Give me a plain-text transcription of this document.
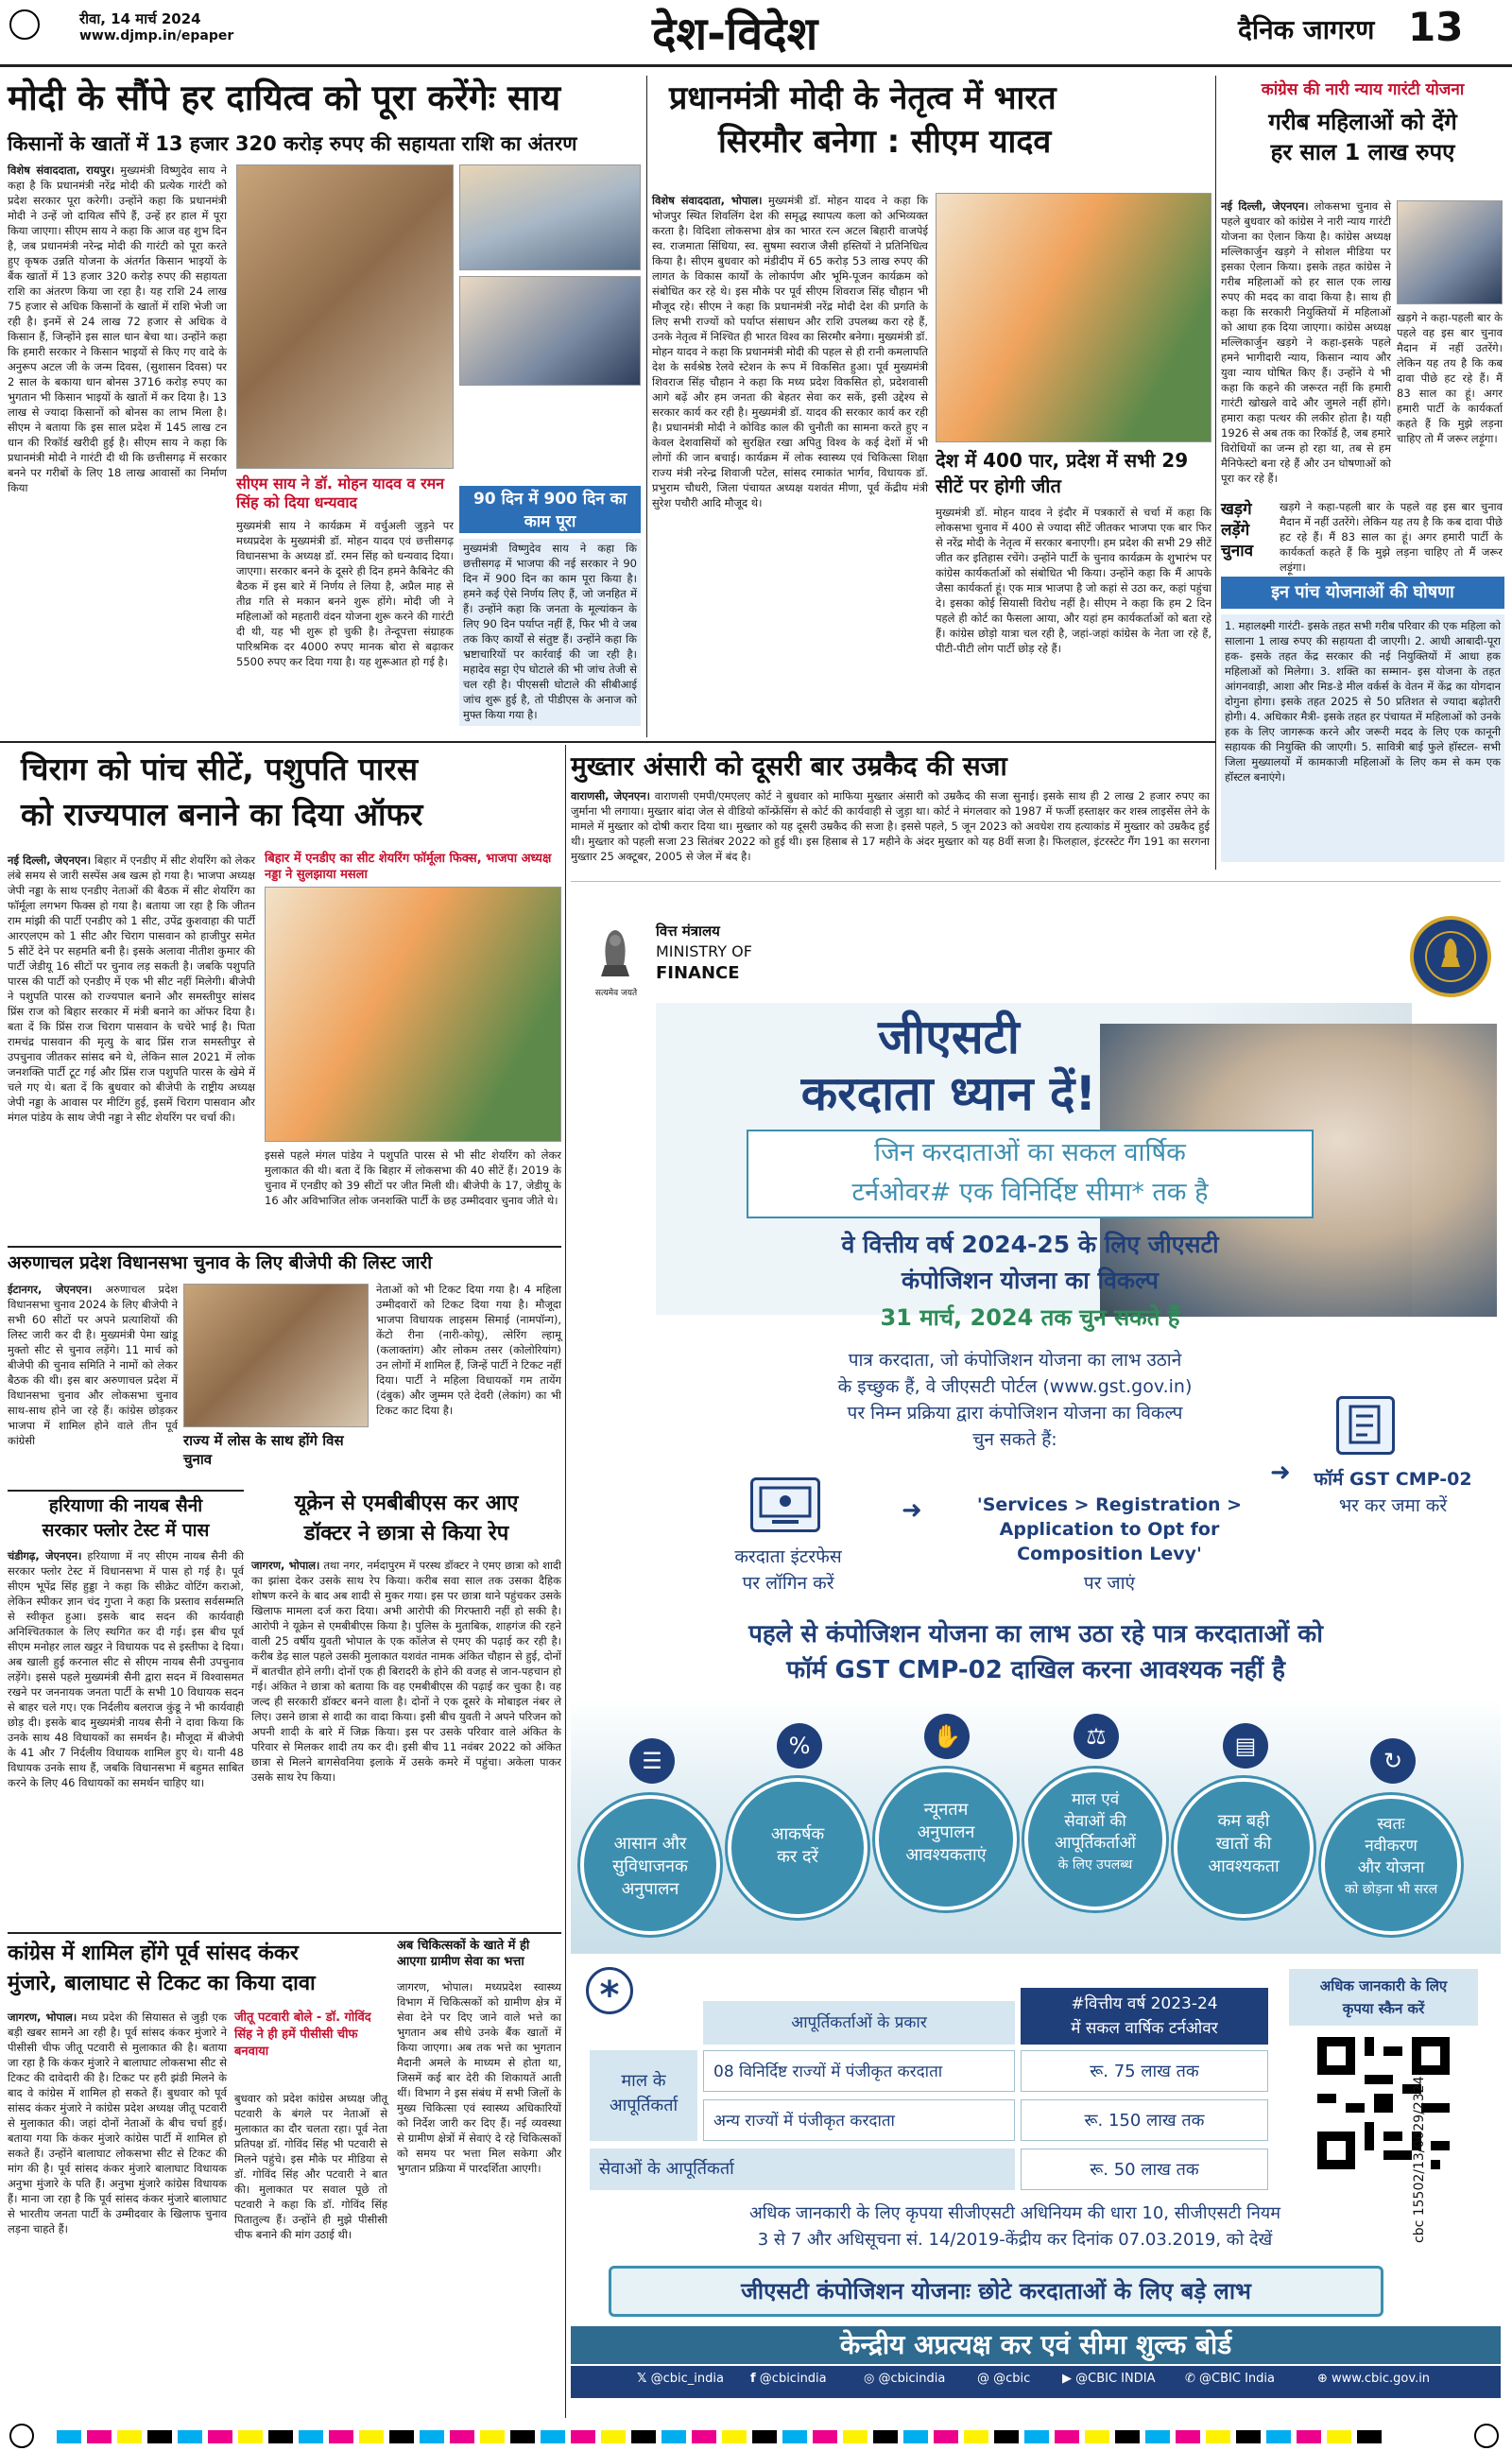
रीवा, 14 मार्च 2024
www.djmp.in/epaper	देश-विदेश	दैनिक जागरण 13
मोदी के सौंपे हर दायित्व को पूरा करेंगेः साय
किसानों के खातों में 13 हजार 320 करोड़ रुपए की सहायता राशि का अंतरण
विशेष संवाददाता, रायपुर। मुख्यमंत्री विष्णुदेव साय ने कहा है कि प्रधानमंत्री नरेंद्र मोदी की प्रत्येक गारंटी को प्रदेश सरकार पूरा करेगी। उन्होंने कहा कि प्रधानमंत्री मोदी ने उन्हें जो दायित्व सौंपे हैं, उन्हें हर हाल में पूरा किया जाएगा। सीएम साय ने कहा कि आज वह शुभ दिन है, जब प्रधानमंत्री नरेन्द्र मोदी की गारंटी को पूरा करते हुए कृषक उन्नति योजना के अंतर्गत किसान भाइयों के बैंक खातों में 13 हजार 320 करोड़ रुपए की सहायता राशि का अंतरण किया जा रहा है। यह राशि 24 लाख 75 हजार से अधिक किसानों के खातों में राशि भेजी जा रही है। इनमें से 24 लाख 72 हजार से अधिक वे किसान हैं, जिन्होंने इस साल धान बेचा था। उन्होंने कहा कि हमारी सरकार ने किसान भाइयों से किए गए वादे के अनुरूप अटल जी के जन्म दिवस, (सुशासन दिवस) पर 2 साल के बकाया धान बोनस 3716 करोड़ रुपए का भुगतान भी किसान भाइयों के खातों में कर दिया है। 13 लाख से ज्यादा किसानों को बोनस का लाभ मिला है। सीएम ने बताया कि इस साल प्रदेश में 145 लाख टन धान की रिकॉर्ड खरीदी हुई है। सीएम साय ने कहा कि प्रधानमंत्री मोदी ने गारंटी दी थी कि छत्तीसगढ़ में सरकार बनने पर गरीबों के लिए 18 लाख आवासों का निर्माण किया	सीएम साय ने डॉ. मोहन यादव व रमन सिंह को दिया धन्यवाद
मुख्यमंत्री साय ने कार्यक्रम में वर्चुअली जुड़ने पर मध्यप्रदेश के मुख्यमंत्री डॉ. मोहन यादव एवं छत्तीसगढ़ विधानसभा के अध्यक्ष डॉ. रमन सिंह को धन्यवाद दिया। जाएगा। सरकार बनने के दूसरे ही दिन हमने कैबिनेट की बैठक में इस बारे में निर्णय ले लिया है, अप्रैल माह से तीव्र गति से मकान बनने शुरू होंगे। मोदी जी ने महिलाओं को महतारी वंदन योजना शुरू करने की गारंटी दी थी, यह भी शुरू हो चुकी है। तेन्दूपत्ता संग्राहक पारिश्रमिक दर 4000 रुपए मानक बोरा से बढ़ाकर 5500 रुपए कर दिया गया है। यह शुरूआत हो गई है।
90 दिन में 900 दिन का काम पूरा
मुख्यमंत्री विष्णुदेव साय ने कहा कि छत्तीसगढ़ में भाजपा की नई सरकार ने 90 दिन में 900 दिन का काम पूरा किया है। हमने कई ऐसे निर्णय लिए हैं, जो जनहित में हैं। उन्होंने कहा कि जनता के मूल्यांकन के लिए 90 दिन पर्याप्त नहीं हैं, फिर भी वे जब तक किए कार्यों से संतुष्ट हैं। उन्होंने कहा कि भ्रष्टाचारियों पर कार्रवाई की जा रही है। महादेव सट्टा ऐप घोटाले की भी जांच तेजी से चल रही है। पीएससी घोटाले की सीबीआई जांच शुरू हुई है, तो पीडीएस के अनाज को मुफ्त किया गया है।
प्रधानमंत्री मोदी के नेतृत्व में भारत
सिरमौर बनेगा : सीएम यादव
विशेष संवाददाता, भोपाल। मुख्यमंत्री डॉ. मोहन यादव ने कहा कि भोजपुर स्थित शिवलिंग देश की समृद्ध स्थापत्य कला को अभिव्यक्त करता है। विदिशा लोकसभा क्षेत्र का भारत रत्न अटल बिहारी वाजपेई स्व. राजमाता सिंधिया, स्व. सुषमा स्वराज जैसी हस्तियों ने प्रतिनिधित्व किया है। सीएम बुधवार को मंडीदीप में 65 करोड़ 53 लाख रुपए की लागत के विकास कार्यों के लोकार्पण और भूमि-पूजन कार्यक्रम को संबोधित कर रहे थे। इस मौके पर पूर्व सीएम शिवराज सिंह चौहान भी मौजूद रहे। सीएम ने कहा कि प्रधानमंत्री नरेंद्र मोदी देश की प्रगति के लिए सभी राज्यों को पर्याप्त संसाधन और राशि उपलब्ध करा रहे हैं, उनके नेतृत्व में निश्चित ही भारत विश्व का सिरमौर बनेगा। मुख्यमंत्री डॉ. मोहन यादव ने कहा कि प्रधानमंत्री मोदी की पहल से ही रानी कमलापति देश के सर्वश्रेष्ठ रेलवे स्टेशन के रूप में विकसित हुआ। पूर्व मुख्यमंत्री शिवराज सिंह चौहान ने कहा कि मध्य प्रदेश विकसित हो, प्रदेशवासी आगे बढ़ें और हम जनता की बेहतर सेवा कर सकें, इसी उद्देश्य से सरकार कार्य कर रही है। मुख्यमंत्री डॉ. यादव की सरकार कार्य कर रही है। प्रधानमंत्री मोदी ने कोविड काल की चुनौती का सामना करते हुए न केवल देशवासियों को सुरक्षित रखा अपितु विश्व के कई देशों में भी लोगों की जान बचाई। कार्यक्रम में लोक स्वास्थ्य एवं चिकित्सा शिक्षा राज्य मंत्री नरेन्द्र शिवाजी पटेल, सांसद रमाकांत भार्गव, विधायक डॉ. प्रभुराम चौधरी, जिला पंचायत अध्यक्ष यशवंत मीणा, पूर्व केंद्रीय मंत्री सुरेश पचौरी आदि मौजूद थे।
देश में 400 पार, प्रदेश में सभी 29 सीटें पर होगी जीत
मुख्यमंत्री डॉ. मोहन यादव ने इंदौर में पत्रकारों से चर्चा में कहा कि लोकसभा चुनाव में 400 से ज्यादा सीटें जीतकर भाजपा एक बार फिर से नरेंद्र मोदी के नेतृत्व में सरकार बनाएगी। हम प्रदेश की सभी 29 सीटें जीत कर इतिहास रचेंगे। उन्होंने पार्टी के चुनाव कार्यक्रम के शुभारंभ पर कांग्रेस कार्यकर्ताओं को संबोधित भी किया। उन्होंने कहा कि मैं आपके जैसा कार्यकर्ता हूं। एक मात्र भाजपा है जो कहां से उठा कर, कहां पहुंचा दे। इसका कोई सियासी विरोध नहीं है। सीएम ने कहा कि हम 2 दिन पहले ही कोर्ट का फैसला आया, और यहां हम कार्यकर्ताओं को बता रहे हैं। कांग्रेस छोड़ो यात्रा चल रही है, जहां-जहां कांग्रेस के नेता जा रहे हैं, पीटी-पीटी लोग पार्टी छोड़ रहे हैं।
कांग्रेस की नारी न्याय गारंटी योजना
गरीब महिलाओं को देंगे
हर साल 1 लाख रुपए
नई दिल्ली, जेएनएन। लोकसभा चुनाव से पहले बुधवार को कांग्रेस ने नारी न्याय गारंटी योजना का ऐलान किया है। कांग्रेस अध्यक्ष मल्लिकार्जुन खड़गे ने सोशल मीडिया पर इसका ऐलान किया। इसके तहत कांग्रेस ने गरीब महिलाओं को हर साल एक लाख रुपए की मदद का वादा किया है। साथ ही कहा कि सरकारी नियुक्तियों में महिलाओं को आधा हक दिया जाएगा। कांग्रेस अध्यक्ष मल्लिकार्जुन खड़गे ने कहा-इसके पहले हमने भागीदारी न्याय, किसान न्याय और युवा न्याय घोषित किए हैं। उन्होंने ये भी कहा कि कहने की जरूरत नहीं कि हमारी गारंटी खोखले वादे और जुमले नहीं होंगे। हमारा कहा पत्थर की लकीर होता है। यही 1926 से अब तक का रिकॉर्ड है, जब हमारे विरोधियों का जन्म हो रहा था, तब से हम मैनिफेस्टो बना रहे हैं और उन घोषणाओं को पूरा कर रहे हैं।
खड़गे ने कहा-पहली बार के पहले वह इस बार चुनाव मैदान में नहीं उतरेंगे। लेकिन यह तय है कि कब दावा पीछे हट रहे हैं। मैं 83 साल का हूं। अगर हमारी पार्टी के कार्यकर्ता कहते हैं कि मुझे लड़ना चाहिए तो मैं जरूर लड़ूंगा।
खड़गे लड़ेंगे चुनाव
खड़गे ने कहा-पहली बार के पहले वह इस बार चुनाव मैदान में नहीं उतरेंगे। लेकिन यह तय है कि कब दावा पीछे हट रहे हैं। मैं 83 साल का हूं। अगर हमारी पार्टी के कार्यकर्ता कहते हैं कि मुझे लड़ना चाहिए तो मैं जरूर लड़ूंगा।
इन पांच योजनाओं की घोषणा
1. महालक्ष्मी गारंटी- इसके तहत सभी गरीब परिवार की एक महिला को सालाना 1 लाख रुपए की सहायता दी जाएगी। 2. आधी आबादी-पूरा हक- इसके तहत केंद्र सरकार की नई नियुक्तियों में आधा हक महिलाओं को मिलेगा। 3. शक्ति का सम्मान- इस योजना के तहत आंगनवाड़ी, आशा और मिड-डे मील वर्कर्स के वेतन में केंद्र का योगदान दोगुना होगा। इसके तहत 2025 से 50 प्रतिशत से ज्यादा बढ़ोतरी होगी। 4. अधिकार मैत्री- इसके तहत हर पंचायत में महिलाओं को उनके हक के लिए जागरूक करने और जरूरी मदद के लिए एक कानूनी सहायक की नियुक्ति की जाएगी। 5. सावित्री बाई फुले हॉस्टल- सभी जिला मुख्यालयों में कामकाजी महिलाओं के लिए कम से कम एक हॉस्टल बनाएंगे।
चिराग को पांच सीटें, पशुपति पारस
को राज्यपाल बनाने का दिया ऑफर
नई दिल्ली, जेएनएन। बिहार में एनडीए में सीट शेयरिंग को लेकर लंबे समय से जारी सस्पेंस अब खत्म हो गया है। भाजपा अध्यक्ष जेपी नड्डा के साथ एनडीए नेताओं की बैठक में सीट शेयरिंग का फॉर्मूला लगभग फिक्स हो गया है। बताया जा रहा है कि जीतन राम मांझी की पार्टी एनडीए को 1 सीट, उपेंद्र कुशवाहा की पार्टी आरएलएम को 1 सीट और चिराग पासवान को हाजीपुर समेत 5 सीटें देने पर सहमति बनी है। इसके अलावा नीतीश कुमार की पार्टी जेडीयू 16 सीटों पर चुनाव लड़ सकती है। जबकि पशुपति पारस की पार्टी को एनडीए में एक भी सीट नहीं मिलेगी। बीजेपी ने पशुपति पारस को राज्यपाल बनाने और समस्तीपुर सांसद प्रिंस राज को बिहार सरकार में मंत्री बनाने का ऑफर दिया है। बता दें कि प्रिंस राज चिराग पासवान के चचेरे भाई है। पिता रामचंद्र पासवान की मृत्यु के बाद प्रिंस राज समस्तीपुर से उपचुनाव जीतकर सांसद बने थे, लेकिन साल 2021 में लोक जनशक्ति पार्टी टूट गई और प्रिंस राज पशुपति पारस के खेमे में चले गए थे। बता दें कि बुधवार को बीजेपी के राष्ट्रीय अध्यक्ष जेपी नड्डा के आवास पर मीटिंग हुई, इसमें चिराग पासवान और मंगल पांडेय के साथ जेपी नड्डा ने सीट शेयरिंग पर चर्चा की।
बिहार में एनडीए का सीट शेयरिंग फॉर्मूला फिक्स, भाजपा अध्यक्ष नड्डा ने सुलझाया मसला
इससे पहले मंगल पांडेय ने पशुपति पारस से भी सीट शेयरिंग को लेकर मुलाकात की थी। बता दें कि बिहार में लोकसभा की 40 सीटें हैं। 2019 के चुनाव में एनडीए को 39 सीटों पर जीत मिली थी। बीजेपी के 17, जेडीयू के 16 और अविभाजित लोक जनशक्ति पार्टी के छह उम्मीदवार चुनाव जीते थे।
मुख्तार अंसारी को दूसरी बार उम्रकैद की सजा
वाराणसी, जेएनएन। वाराणसी एमपी/एमएलए कोर्ट ने बुधवार को माफिया मुख्तार अंसारी को उम्रकैद की सजा सुनाई। इसके साथ ही 2 लाख 2 हजार रुपए का जुर्माना भी लगाया। मुख्तार बांदा जेल से वीडियो कॉन्फ्रेंसिंग से कोर्ट की कार्यवाही से जुड़ा था। कोर्ट ने मंगलवार को 1987 में फर्जी हस्ताक्षर कर शस्त्र लाइसेंस लेने के मामले में मुख्तार को दोषी करार दिया था। मुख्तार को यह दूसरी उम्रकैद की सजा है। इससे पहले, 5 जून 2023 को अवधेश राय हत्याकांड में मुख्तार को उम्रकैद हुई थी। मुख्तार को पहली सजा 23 सितंबर 2022 को हुई थी। इस हिसाब से 17 महीने के अंदर मुख्तार को यह 8वीं सजा है। फिलहाल, इंटरस्टेट गैंग 191 का सरगना मुख्तार 25 अक्टूबर, 2005 से जेल में बंद है।
अरुणाचल प्रदेश विधानसभा चुनाव के लिए बीजेपी की लिस्ट जारी
ईटानगर, जेएनएन। अरुणाचल प्रदेश विधानसभा चुनाव 2024 के लिए बीजेपी ने सभी 60 सीटों पर अपने प्रत्याशियों की लिस्ट जारी कर दी है। मुख्यमंत्री पेमा खांडू मुक्तो सीट से चुनाव लड़ेंगे। 11 मार्च को बीजेपी की चुनाव समिति ने नामों को लेकर बैठक की थी। इस बार अरुणाचल प्रदेश में विधानसभा चुनाव और लोकसभा चुनाव साथ-साथ होने जा रहे हैं। कांग्रेस छोड़कर भाजपा में शामिल होने वाले तीन पूर्व कांग्रेसी	राज्य में लोस के साथ होंगे विस चुनाव
नेताओं को भी टिकट दिया गया है। 4 महिला उम्मीदवारों को टिकट दिया गया है। मौजूदा भाजपा विधायक लाइसम सिमाई (नामपॉन्ग), केंटो रीना (नारी-कोयू), त्सेरिंग ल्हामू (कलाक्तांग) और लोकम तसर (कोलोरियांग) उन लोगों में शामिल हैं, जिन्हें पार्टी ने टिकट नहीं दिया। पार्टी ने महिला विधायकों गम तायेंग (दंबुक) और जुम्मम एते देवरी (लेकांग) का भी टिकट काट दिया है।
हरियाणा की नायब सैनी
सरकार फ्लोर टेस्ट में पास
चंडीगढ़, जेएनएन। हरियाणा में नए सीएम नायब सैनी की सरकार फ्लोर टेस्ट में विधानसभा में पास हो गई है। पूर्व सीएम भूपेंद्र सिंह हुड्डा ने कहा कि सीक्रेट वोटिंग कराओ, लेकिन स्पीकर ज्ञान चंद गुप्ता ने कहा कि प्रस्ताव सर्वसम्मति से स्वीकृत हुआ। इसके बाद सदन की कार्यवाही अनिश्चितकाल के लिए स्थगित कर दी गई। इस बीच पूर्व सीएम मनोहर लाल खट्टर ने विधायक पद से इस्तीफा दे दिया। अब खाली हुई करनाल सीट से सीएम नायब सैनी उपचुनाव लड़ेंगे। इससे पहले मुख्यमंत्री सैनी द्वारा सदन में विश्वासमत रखने पर जननायक जनता पार्टी के सभी 10 विधायक सदन से बाहर चले गए। एक निर्दलीय बलराज कुंडू ने भी कार्यवाही छोड़ दी। इसके बाद मुख्यमंत्री नायब सैनी ने दावा किया कि उनके साथ 48 विधायकों का समर्थन है। मौजूदा में बीजेपी के 41 और 7 निर्दलीय विधायक शामिल हुए थे। यानी 48 विधायक उनके साथ हैं, जबकि विधानसभा में बहुमत साबित करने के लिए 46 विधायकों का समर्थन चाहिए था।
यूक्रेन से एमबीबीएस कर आए
डॉक्टर ने छात्रा से किया रेप
जागरण, भोपाल। तथा नगर, नर्मदापुरम में परस्थ डॉक्टर ने एमए छात्रा को शादी का झांसा देकर उसके साथ रेप किया। करीब सवा साल तक उसका दैहिक शोषण करने के बाद अब शादी से मुकर गया। इस पर छात्रा थाने पहुंचकर उसके खिलाफ मामला दर्ज करा दिया। अभी आरोपी की गिरफ्तारी नहीं हो सकी है। आरोपी ने यूक्रेन से एमबीबीएस किया है। पुलिस के मुताबिक, शाहगंज की रहने वाली 25 वर्षीय युवती भोपाल के एक कॉलेज से एमए की पढ़ाई कर रही है। करीब डेढ़ साल पहले उसकी मुलाकात यशवंत नामक अंकित चौहान से हुई, दोनों में बातचीत होने लगी। दोनों एक ही बिरादरी के होने की वजह से जान-पहचान हो गई। अंकित ने छात्रा को बताया कि वह एमबीबीएस की पढ़ाई कर चुका है। वह जल्द ही सरकारी डॉक्टर बनने वाला है। दोनों ने एक दूसरे के मोबाइल नंबर ले लिए। उसने छात्रा से शादी का वादा किया। इसी बीच युवती ने अपने परिजन को अपनी शादी के बारे में जिक्र किया। इस पर उसके परिवार वाले अंकित के परिवार से मिलकर शादी तय कर दी। इसी बीच 11 नवंबर 2022 को अंकित छात्रा से मिलने बागसेवनिया इलाके में उसके कमरे में पहुंचा। अकेला पाकर उसके साथ रेप किया।
कांग्रेस में शामिल होंगे पूर्व सांसद कंकर
मुंजारे, बालाघाट से टिकट का किया दावा
जागरण, भोपाल। मध्य प्रदेश की सियासत से जुड़ी एक बड़ी खबर सामने आ रही है। पूर्व सांसद कंकर मुंजारे ने पीसीसी चीफ जीतू पटवारी से मुलाकात की है। बताया जा रहा है कि कंकर मुंजारे ने बालाघाट लोकसभा सीट से टिकट की दावेदारी की है। टिकट पर हरी झंडी मिलने के बाद वे कांग्रेस में शामिल हो सकते हैं। बुधवार को पूर्व सांसद कंकर मुंजारे ने कांग्रेस प्रदेश अध्यक्ष जीतू पटवारी से मुलाकात की। जहां दोनों नेताओं के बीच चर्चा हुई। बताया गया कि कंकर मुंजारे कांग्रेस पार्टी में शामिल हो सकते हैं। उन्होंने बालाघाट लोकसभा सीट से टिकट की मांग की है। पूर्व सांसद कंकर मुंजारे बालाघाट विधायक अनुभा मुंजारे के पति हैं। अनुभा मुंजारे कांग्रेस विधायक हैं। माना जा रहा है कि पूर्व सांसद कंकर मुंजारे बालाघाट से भारतीय जनता पार्टी के उम्मीदवार के खिलाफ चुनाव लड़ना चाहते हैं।
जीतू पटवारी बोले - डॉ. गोविंद सिंह ने ही हमें पीसीसी चीफ बनवाया
बुधवार को प्रदेश कांग्रेस अध्यक्ष जीतू पटवारी के बंगले पर नेताओं से मुलाकात का दौर चलता रहा। पूर्व नेता प्रतिपक्ष डॉ. गोविंद सिंह भी पटवारी से मिलने पहुंचे। इस मौके पर मीडिया से डॉ. गोविंद सिंह और पटवारी ने बात की। मुलाकात पर सवाल पूछे तो पटवारी ने कहा कि डॉ. गोविंद सिंह पितातुल्य हैं। उन्होंने ही मुझे पीसीसी चीफ बनाने की मांग उठाई थी।
अब चिकित्सकों के खाते में ही आएगा ग्रामीण सेवा का भत्ता
जागरण, भोपाल। मध्यप्रदेश स्वास्थ्य विभाग में चिकित्सकों को ग्रामीण क्षेत्र में सेवा देने पर दिए जाने वाले भत्ते का भुगतान अब सीधे उनके बैंक खातों में किया जाएगा। अब तक भत्ते का भुगतान मैदानी अमले के माध्यम से होता था, जिसमें कई बार देरी की शिकायतें आती थीं। विभाग ने इस संबंध में सभी जिलों के मुख्य चिकित्सा एवं स्वास्थ्य अधिकारियों को निर्देश जारी कर दिए हैं। नई व्यवस्था से ग्रामीण क्षेत्रों में सेवाएं दे रहे चिकित्सकों को समय पर भत्ता मिल सकेगा और भुगतान प्रक्रिया में पारदर्शिता आएगी।
सत्यमेव जयते
वित्त मंत्रालय
MINISTRY OF
FINANCE
जीएसटी
करदाता ध्यान दें!
जिन करदाताओं का सकल वार्षिक
टर्नओवर# एक विनिर्दिष्ट सीमा* तक है
वे वित्तीय वर्ष 2024-25 के लिए जीएसटी
कंपोजिशन योजना का विकल्प
31 मार्च, 2024 तक चुन सकते हैं
पात्र करदाता, जो कंपोजिशन योजना का लाभ उठाने
के इच्छुक हैं, वे जीएसटी पोर्टल (www.gst.gov.in)
पर निम्न प्रक्रिया द्वारा कंपोजिशन योजना का विकल्प
चुन सकते हैं:
करदाता इंटरफेस
पर लॉगिन करें
➜	'Services > Registration >
Application to Opt for
Composition Levy'
पर जाएं
➜	फॉर्म GST CMP-02
भर कर जमा करें
पहले से कंपोजिशन योजना का लाभ उठा रहे पात्र करदाताओं को
फॉर्म GST CMP-02 दाखिल करना आवश्यक नहीं है
☰
%	✋	⚖	▤
↻
आसान और
सुविधाजनक
अनुपालन
आकर्षक
कर दरें
न्यूनतम
अनुपालन
आवश्यकताएं
माल एवं
सेवाओं की
आपूर्तिकर्ताओं
के लिए उपलब्ध
कम बही
खातों की
आवश्यकता
स्वतः
नवीकरण
और योजना
को छोड़ना भी सरल
*
आपूर्तिकर्ताओं के प्रकार
#वित्तीय वर्ष 2023-24
में सकल वार्षिक टर्नओवर
माल के
आपूर्तिकर्ता
08 विनिर्दिष्ट राज्यों में पंजीकृत करदाता	रू. 75 लाख तक
अन्य राज्यों में पंजीकृत करदाता	रू. 150 लाख तक
सेवाओं के आपूर्तिकर्ता	रू. 50 लाख तक
अधिक जानकारी के लिए
कृपया स्कैन करें
cbc 15502/13/0029/2324
अधिक जानकारी के लिए कृपया सीजीएसटी अधिनियम की धारा 10, सीजीएसटी नियम
3 से 7 और अधिसूचना सं. 14/2019-केंद्रीय कर दिनांक 07.03.2019, को देखें
जीएसटी कंपोजिशन योजनाः छोटे करदाताओं के लिए बड़े लाभ
केन्द्रीय अप्रत्यक्ष कर एवं सीमा शुल्क बोर्ड
𝕏 @cbic_india f @cbicindia	◎ @cbicindia	@ @cbic	▶ @CBIC INDIA ✆ @CBIC India	⊕ www.cbic.gov.in
